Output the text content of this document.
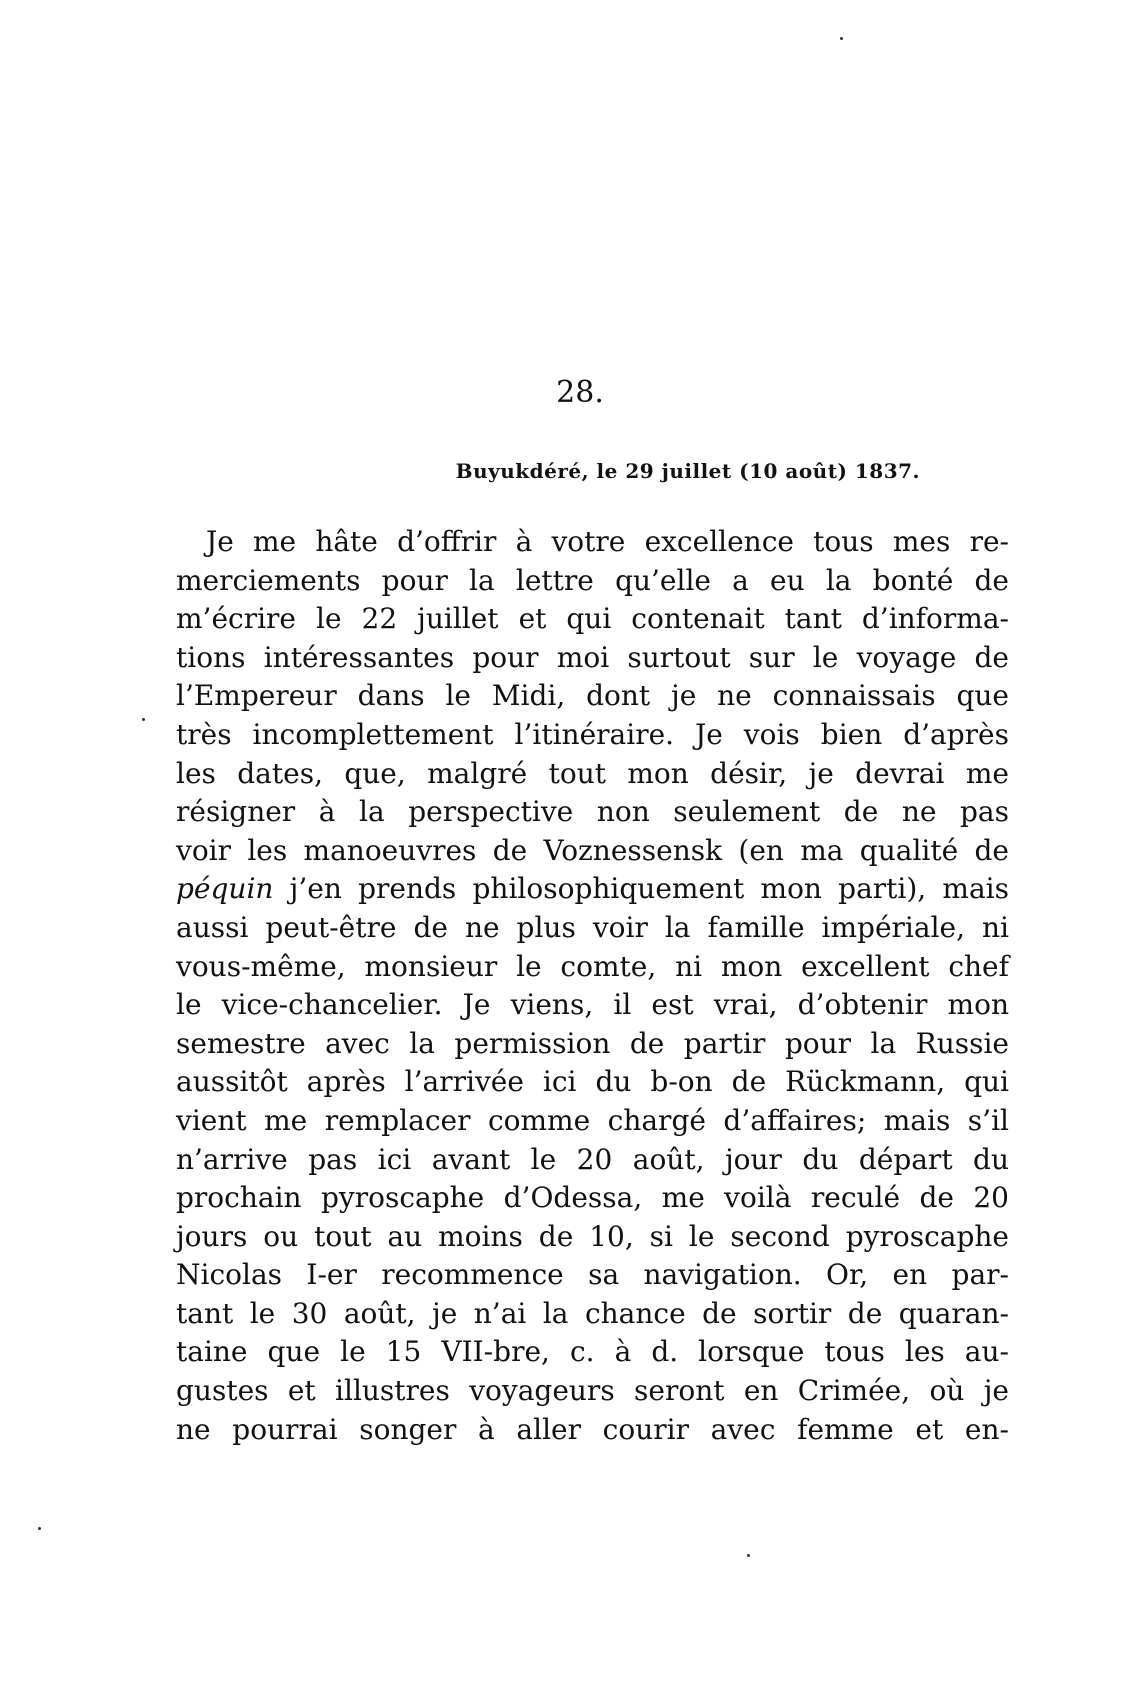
28.
Buyukdéré, le 29 juillet (10 août) 1837.
Je me hâte d’offrir à votre excellence tous mes re-
merciements pour la lettre qu’elle a eu la bonté de
m’écrire le 22 juillet et qui contenait tant d’informa-
tions intéressantes pour moi surtout sur le voyage de
l’Empereur dans le Midi, dont je ne connaissais que
très incomplettement l’itinéraire. Je vois bien d’après
les dates, que, malgré tout mon désir, je devrai me
résigner à la perspective non seulement de ne pas
voir les manoeuvres de Voznessensk (en ma qualité de
péquin j’en prends philosophiquement mon parti), mais
aussi peut-être de ne plus voir la famille impériale, ni
vous-même, monsieur le comte, ni mon excellent chef
le vice-chancelier. Je viens, il est vrai, d’obtenir mon
semestre avec la permission de partir pour la Russie
aussitôt après l’arrivée ici du b-on de Rückmann, qui
vient me remplacer comme chargé d’affaires; mais s’il
n’arrive pas ici avant le 20 août, jour du départ du
prochain pyroscaphe d’Odessa, me voilà reculé de 20
jours ou tout au moins de 10, si le second pyroscaphe
Nicolas I-er recommence sa navigation. Or, en par-
tant le 30 août, je n’ai la chance de sortir de quaran-
taine que le 15 VII-bre, c. à d. lorsque tous les au-
gustes et illustres voyageurs seront en Crimée, où je
ne pourrai songer à aller courir avec femme et en-
